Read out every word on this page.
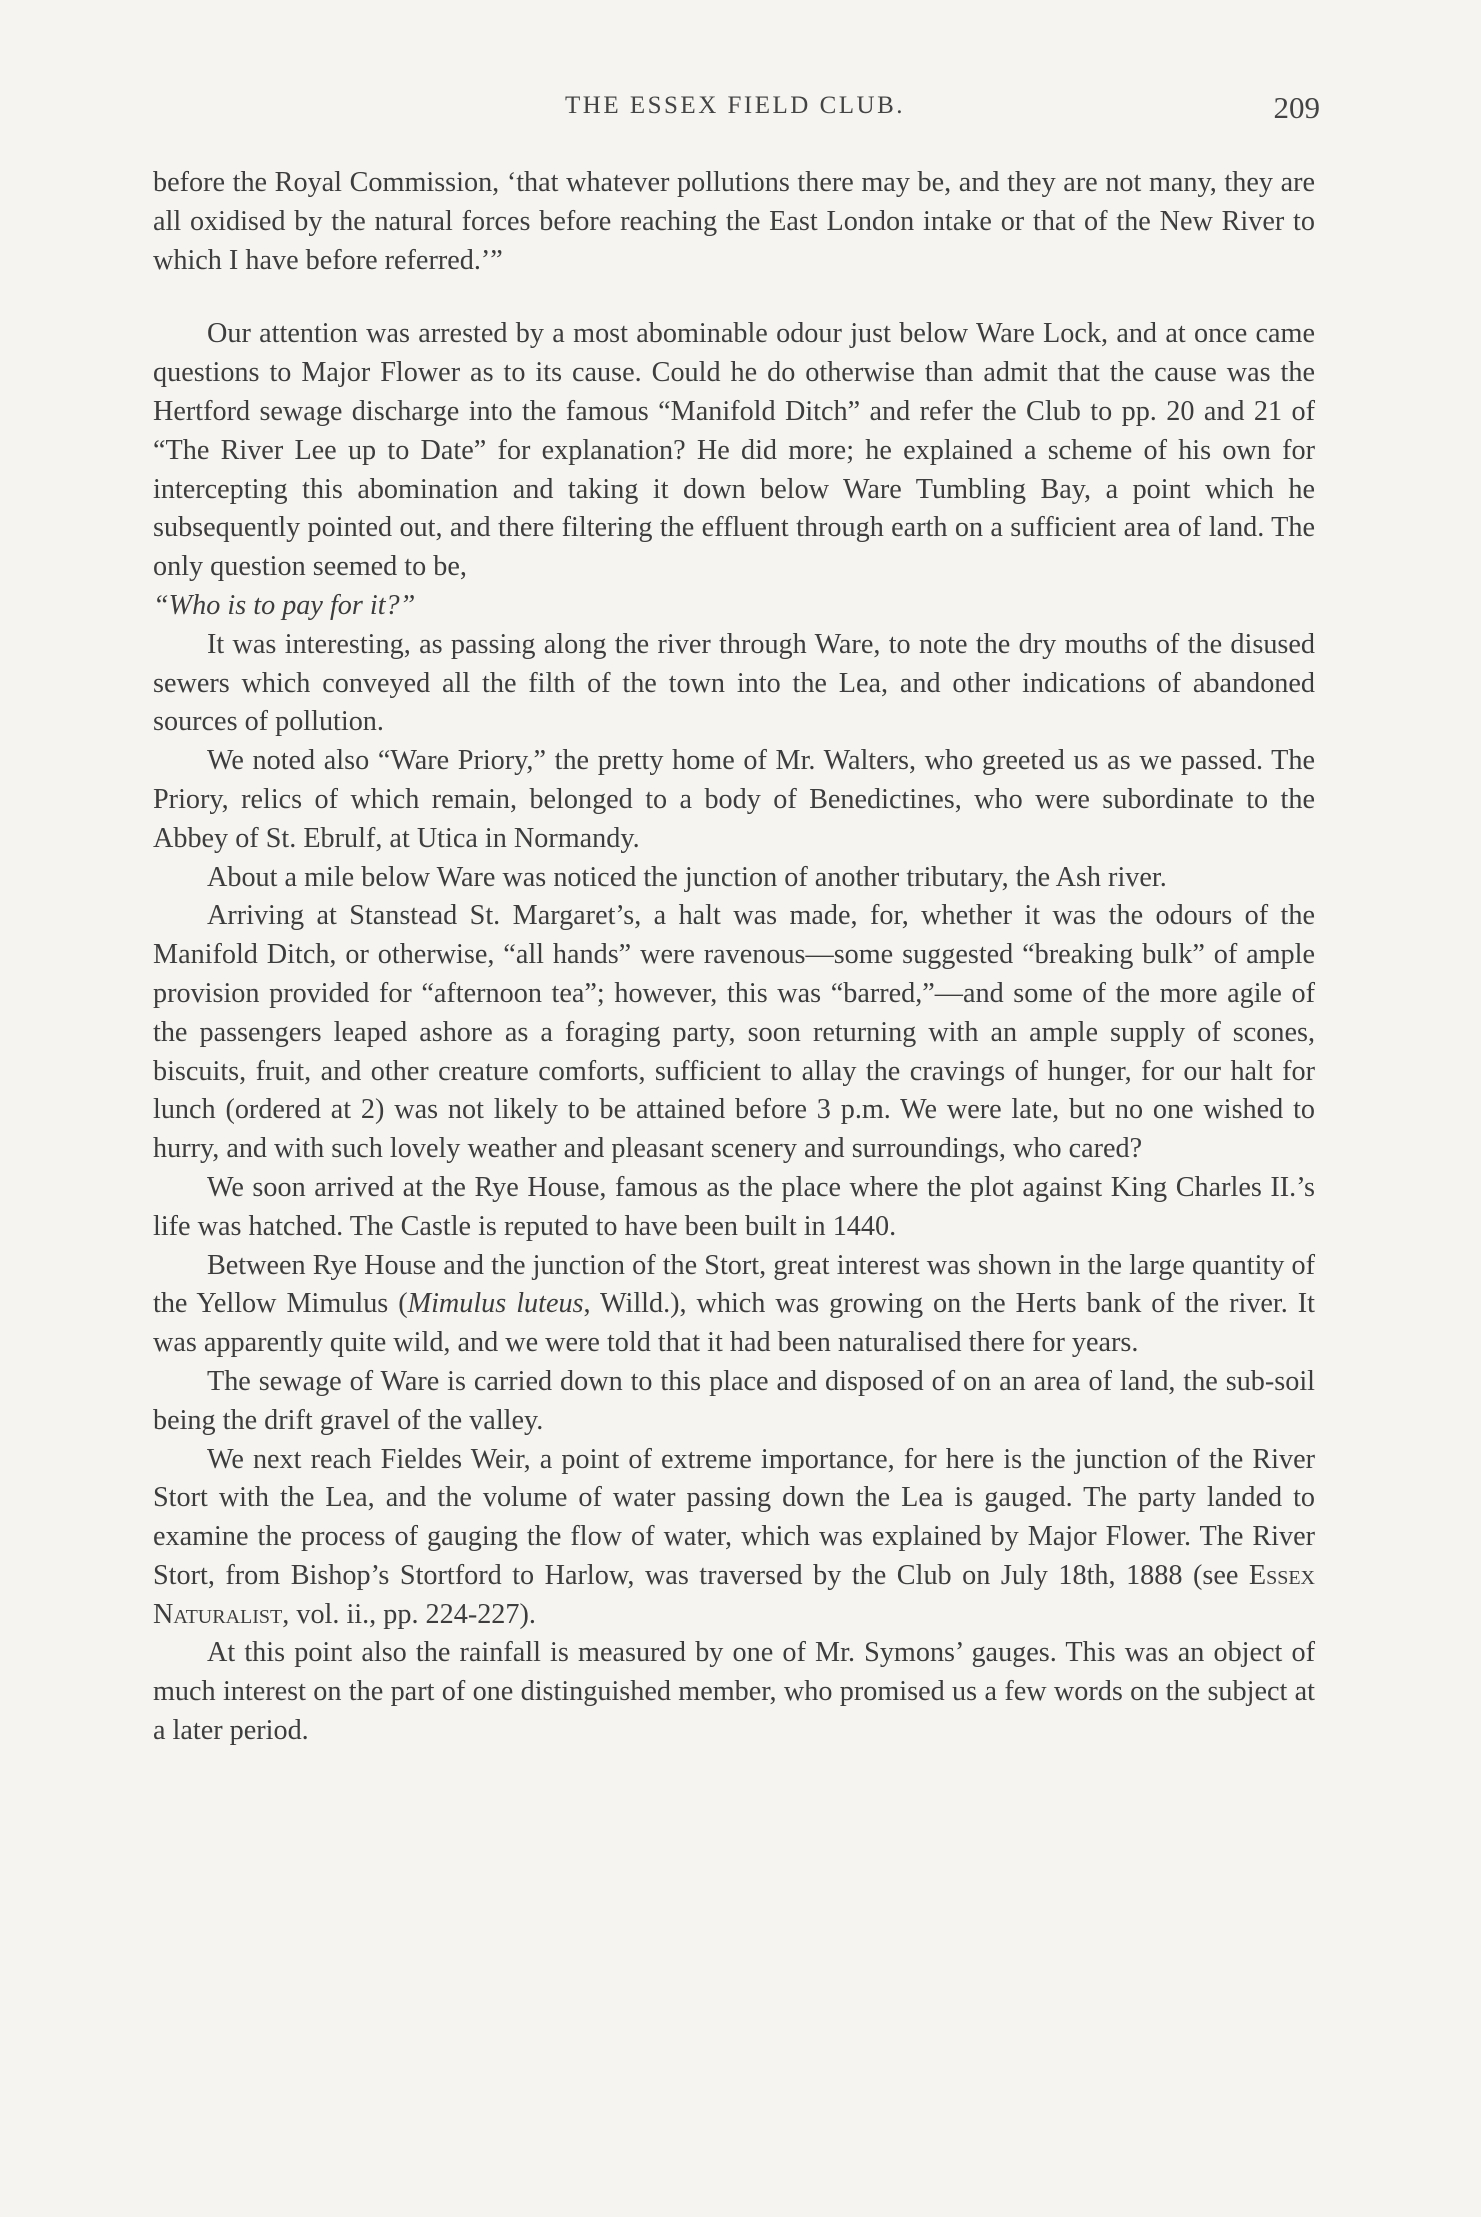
THE ESSEX FIELD CLUB.	209

before the Royal Commission, ‘that whatever pollutions there may be, and they are not many, they are all oxidised by the natural forces before reaching the East London intake or that of the New River to which I have before referred.’”

Our attention was arrested by a most abominable odour just below Ware Lock, and at once came questions to Major Flower as to its cause. Could he do otherwise than admit that the cause was the Hertford sewage discharge into the famous “Manifold Ditch” and refer the Club to pp. 20 and 21 of “The River Lee up to Date” for explanation? He did more; he explained a scheme of his own for intercepting this abomination and taking it down below Ware Tumbling Bay, a point which he subsequently pointed out, and there filtering the effluent through earth on a sufficient area of land. The only question seemed to be,
“Who is to pay for it?”

It was interesting, as passing along the river through Ware, to note the dry mouths of the disused sewers which conveyed all the filth of the town into the Lea, and other indications of abandoned sources of pollution.

We noted also “Ware Priory,” the pretty home of Mr. Walters, who greeted us as we passed. The Priory, relics of which remain, belonged to a body of Benedictines, who were subordinate to the Abbey of St. Ebrulf, at Utica in Normandy.

About a mile below Ware was noticed the junction of another tributary, the Ash river.

Arriving at Stanstead St. Margaret’s, a halt was made, for, whether it was the odours of the Manifold Ditch, or otherwise, “all hands” were ravenous—some suggested “breaking bulk” of ample provision provided for “afternoon tea”; however, this was “barred,”—and some of the more agile of the passengers leaped ashore as a foraging party, soon returning with an ample supply of scones, biscuits, fruit, and other creature comforts, sufficient to allay the cravings of hunger, for our halt for lunch (ordered at 2) was not likely to be attained before 3 p.m. We were late, but no one wished to hurry, and with such lovely weather and pleasant scenery and surroundings, who cared?

We soon arrived at the Rye House, famous as the place where the plot against King Charles II.’s life was hatched. The Castle is reputed to have been built in 1440.

Between Rye House and the junction of the Stort, great interest was shown in the large quantity of the Yellow Mimulus (Mimulus luteus, Willd.), which was growing on the Herts bank of the river. It was apparently quite wild, and we were told that it had been naturalised there for years.

The sewage of Ware is carried down to this place and disposed of on an area of land, the sub-soil being the drift gravel of the valley.

We next reach Fieldes Weir, a point of extreme importance, for here is the junction of the River Stort with the Lea, and the volume of water passing down the Lea is gauged. The party landed to examine the process of gauging the flow of water, which was explained by Major Flower. The River Stort, from Bishop’s Stortford to Harlow, was traversed by the Club on July 18th, 1888 (see Essex Naturalist, vol. ii., pp. 224-227).

At this point also the rainfall is measured by one of Mr. Symons’ gauges. This was an object of much interest on the part of one distinguished member, who promised us a few words on the subject at a later period.
